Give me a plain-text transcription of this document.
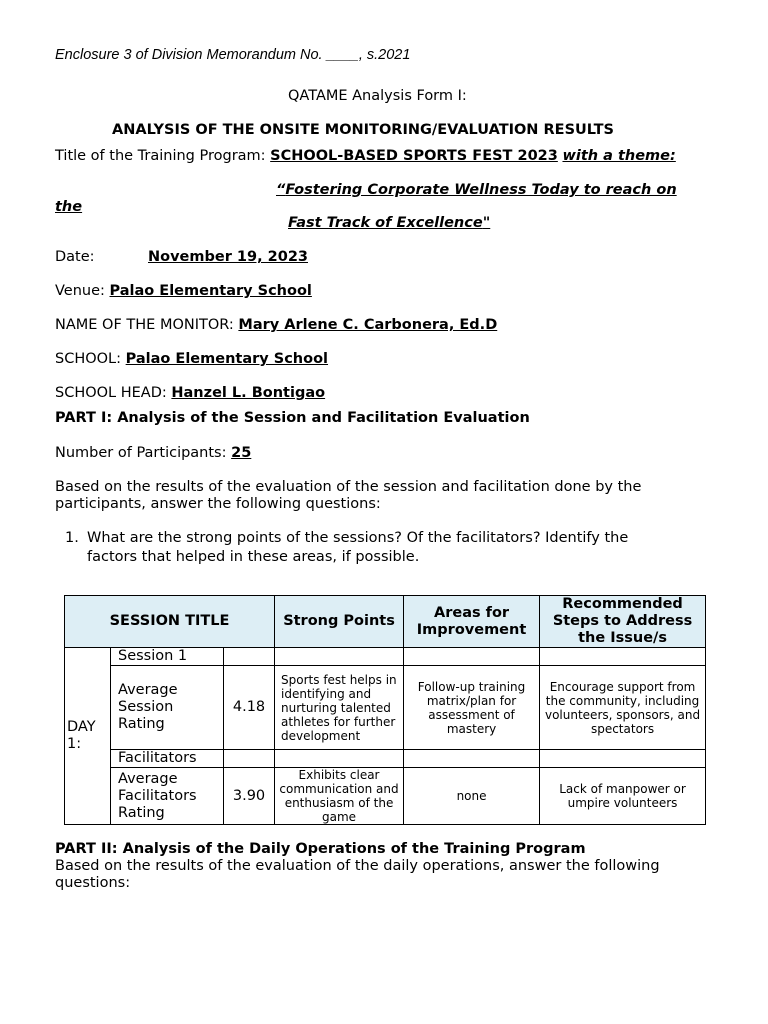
Enclosure 3 of Division Memorandum No. ____, s.2021
QATAME Analysis Form I:
ANALYSIS OF THE ONSITE MONITORING/EVALUATION RESULTS
Title of the Training Program: SCHOOL-BASED SPORTS FEST 2023 with a theme:
“Fostering Corporate Wellness Today to reach on
the
Fast Track of Excellence"
Date:	November 19, 2023
Venue: Palao Elementary School
NAME OF THE MONITOR: Mary Arlene C. Carbonera, Ed.D
SCHOOL: Palao Elementary School
SCHOOL HEAD: Hanzel L. Bontigao
PART I: Analysis of the Session and Facilitation Evaluation
Number of Participants: 25
Based on the results of the evaluation of the session and facilitation done by the participants, answer the following questions:
1. What are the strong points of the sessions? Of the facilitators? Identify the factors that helped in these areas, if possible.
SESSION TITLE			Strong Points	Areas for Improvement	Recommended Steps to Address the Issue/s
DAY 1:	Session 1				
	Average Session Rating	4.18	Sports fest helps in identifying and nurturing talented athletes for further development	Follow-up training matrix/plan for assessment of mastery	Encourage support from the community, including volunteers, sponsors, and spectators
	Facilitators				
	Average Facilitators Rating	3.90	Exhibits clear communication and enthusiasm of the game	none	Lack of manpower or umpire volunteers
PART II: Analysis of the Daily Operations of the Training Program
Based on the results of the evaluation of the daily operations, answer the following questions:
